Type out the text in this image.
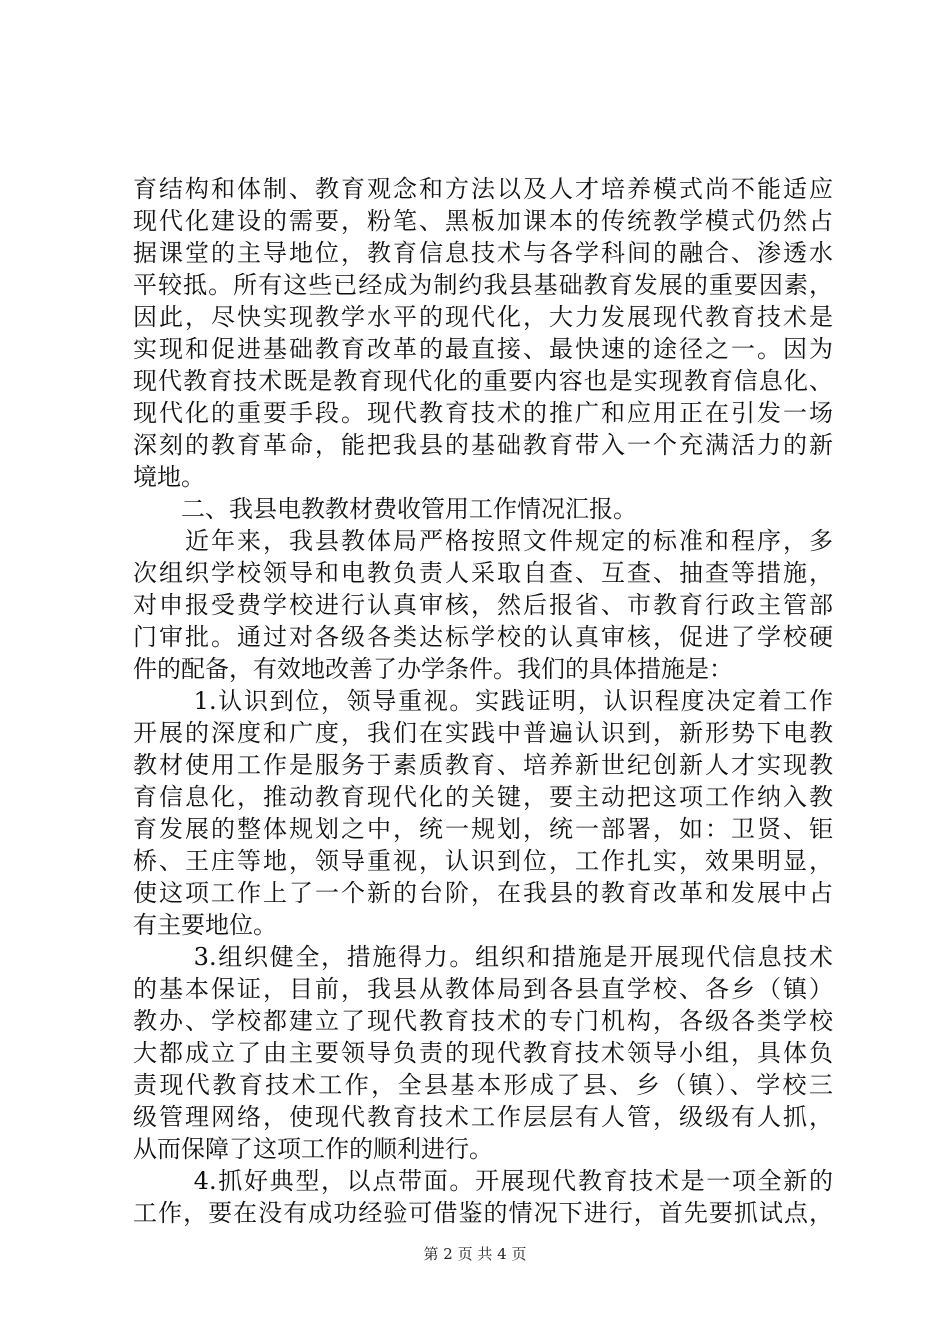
育结构和体制、教育观念和方法以及人才培养模式尚不能适应
现代化建设的需要，粉笔、黑板加课本的传统教学模式仍然占
据课堂的主导地位，教育信息技术与各学科间的融合、渗透水
平较抵。所有这些已经成为制约我县基础教育发展的重要因素，
因此，尽快实现教学水平的现代化，大力发展现代教育技术是
实现和促进基础教育改革的最直接、最快速的途径之一。因为
现代教育技术既是教育现代化的重要内容也是实现教育信息化、
现代化的重要手段。现代教育技术的推广和应用正在引发一场
深刻的教育革命，能把我县的基础教育带入一个充满活力的新
境地。
　　二、我县电教教材费收管用工作情况汇报。
　　近年来，我县教体局严格按照文件规定的标准和程序，多
次组织学校领导和电教负责人采取自查、互查、抽查等措施，
对申报受费学校进行认真审核，然后报省、市教育行政主管部
门审批。通过对各级各类达标学校的认真审核，促进了学校硬
件的配备，有效地改善了办学条件。我们的具体措施是：
　　 1.认识到位，领导重视。实践证明，认识程度决定着工作
开展的深度和广度，我们在实践中普遍认识到，新形势下电教
教材使用工作是服务于素质教育、培养新世纪创新人才实现教
育信息化，推动教育现代化的关键，要主动把这项工作纳入教
育发展的整体规划之中，统一规划，统一部署，如：卫贤、钜
桥、王庄等地，领导重视，认识到位，工作扎实，效果明显，
使这项工作上了一个新的台阶，在我县的教育改革和发展中占
有主要地位。
　　 3.组织健全，措施得力。组织和措施是开展现代信息技术
的基本保证，目前，我县从教体局到各县直学校、各乡（镇）
教办、学校都建立了现代教育技术的专门机构，各级各类学校
大都成立了由主要领导负责的现代教育技术领导小组，具体负
责现代教育技术工作，全县基本形成了县、乡（镇）、学校三
级管理网络，使现代教育技术工作层层有人管，级级有人抓，
从而保障了这项工作的顺利进行。
　　 4.抓好典型，以点带面。开展现代教育技术是一项全新的
工作，要在没有成功经验可借鉴的情况下进行，首先要抓试点，
第 2 页 共 4 页
